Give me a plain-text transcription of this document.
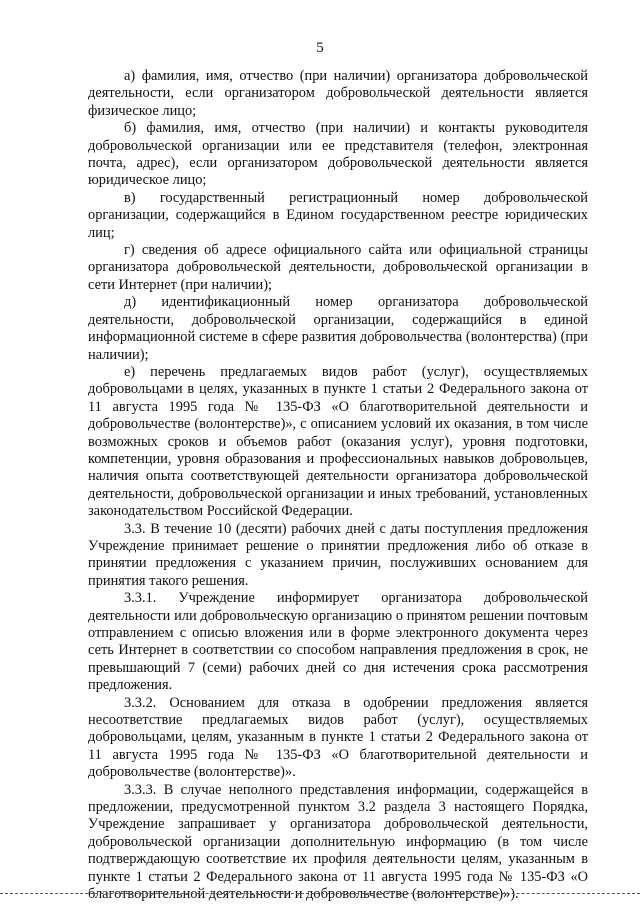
5

а) фамилия, имя, отчество (при наличии) организатора добровольческой деятельности, если организатором добровольческой деятельности является физическое лицо;

б) фамилия, имя, отчество (при наличии) и контакты руководителя добровольческой организации или ее представителя (телефон, электронная почта, адрес), если организатором добровольческой деятельности является юридическое лицо;

в) государственный регистрационный номер добровольческой организации, содержащийся в Едином государственном реестре юридических лиц;

г) сведения об адресе официального сайта или официальной страницы организатора добровольческой деятельности, добровольческой организации в сети Интернет (при наличии);

д) идентификационный номер организатора добровольческой деятельности, добровольческой организации, содержащийся в единой информационной системе в сфере развития добровольчества (волонтерства) (при наличии);

е) перечень предлагаемых видов работ (услуг), осуществляемых добровольцами в целях, указанных в пункте 1 статьи 2 Федерального закона от 11 августа 1995 года № 135-ФЗ «О благотворительной деятельности и добровольчестве (волонтерстве)», с описанием условий их оказания, в том числе возможных сроков и объемов работ (оказания услуг), уровня подготовки, компетенции, уровня образования и профессиональных навыков добровольцев, наличия опыта соответствующей деятельности организатора добровольческой деятельности, добровольческой организации и иных требований, установленных законодательством Российской Федерации.

3.3. В течение 10 (десяти) рабочих дней с даты поступления предложения Учреждение принимает решение о принятии предложения либо об отказе в принятии предложения с указанием причин, послуживших основанием для принятия такого решения.

3.3.1. Учреждение информирует организатора добровольческой деятельности или добровольческую организацию о принятом решении почтовым отправлением с описью вложения или в форме электронного документа через сеть Интернет в соответствии со способом направления предложения в срок, не превышающий 7 (семи) рабочих дней со дня истечения срока рассмотрения предложения.

3.3.2. Основанием для отказа в одобрении предложения является несоответствие предлагаемых видов работ (услуг), осуществляемых добровольцами, целям, указанным в пункте 1 статьи 2 Федерального закона от 11 августа 1995 года № 135-ФЗ «О благотворительной деятельности и добровольчестве (волонтерстве)».

3.3.3. В случае неполного представления информации, содержащейся в предложении, предусмотренной пунктом 3.2 раздела 3 настоящего Порядка, Учреждение запрашивает у организатора добровольческой деятельности, добровольческой организации дополнительную информацию (в том числе подтверждающую соответствие их профиля деятельности целям, указанным в пункте 1 статьи 2 Федерального закона от 11 августа 1995 года № 135-ФЗ «О благотворительной деятельности и добровольчестве (волонтерстве)»).
